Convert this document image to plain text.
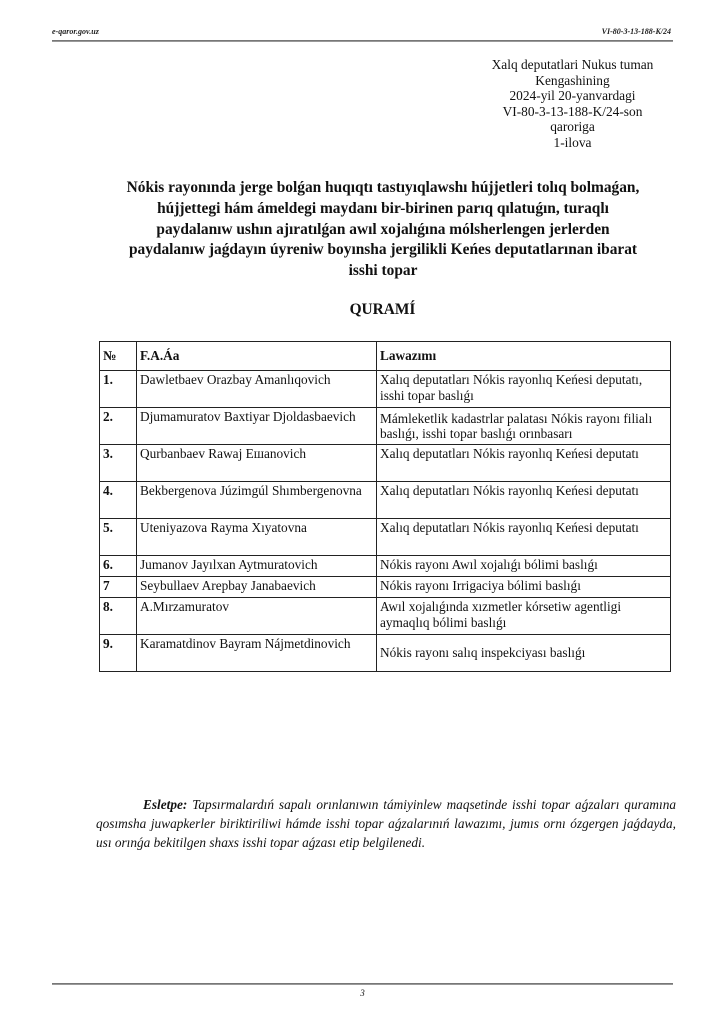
e-qaror.gov.uz	VI-80-3-13-188-K/24
Xalq deputatlari Nukus tuman
Kengashining
2024-yil 20-yanvardagi
VI-80-3-13-188-K/24-son
qaroriga
1-ilova
Nókis rayonında jerge bolǵan huqıqtı tastıyıqlawshı hújjetleri tolıq bolmaǵan,
hújjettegi hám ámeldegi maydanı bir-birinen parıq qılatuǵın, turaqlı
paydalanıw ushın ajıratılǵan awıl xojalıǵına mólsherlengen jerlerden
paydalanıw jaǵdayın úyreniw boyınsha jergilikli Keńes deputatlarınan ibarat
isshi topar
QURAMÍ
№	F.A.Áa	Lawazımı
1.	Dawletbaev Orazbay Amanlıqovich	Xalıq deputatları Nókis rayonlıq Keńesi deputatı, isshi topar baslıǵı
2.	Djumamuratov Baxtiyar Djoldasbaevich	Mámleketlik kadastrlar palatası Nókis rayonı filialı baslıǵı, isshi topar baslıǵı orınbasarı
3.	Qurbanbaev Rawaj Eшanovich	Xalıq deputatları Nókis rayonlıq Keńesi deputatı
4.	Bekbergenova Júzimgúl Shımbergenovna	Xalıq deputatları Nókis rayonlıq Keńesi deputatı
5.	Uteniyazova Rayma Xıyatovna	Xalıq deputatları Nókis rayonlıq Keńesi deputatı
6.	Jumanov Jayılxan Aytmuratovich	Nókis rayonı Awıl xojalıǵı bólimi baslıǵı
7	Seybullaev Arepbay Janabaevich	Nókis rayonı Irrigaciya bólimi baslıǵı
8.	A.Mırzamuratov	Awıl xojalıǵında xızmetler kórsetiw agentligi aymaqlıq bólimi baslıǵı
9.	Karamatdinov Bayram Nájmetdinovich	Nókis rayonı salıq inspekciyası baslıǵı
Esletpe: Tapsırmalardıń sapalı orınlanıwın támiyinlew maqsetinde isshi topar aǵzaları quramına qosımsha juwapkerler biriktiriliwi hámde isshi topar aǵzalarınıń lawazımı, jumıs ornı ózgergen jaǵdayda, usı orınǵa bekitilgen shaxs isshi topar aǵzası etip belgilenedi.
3
